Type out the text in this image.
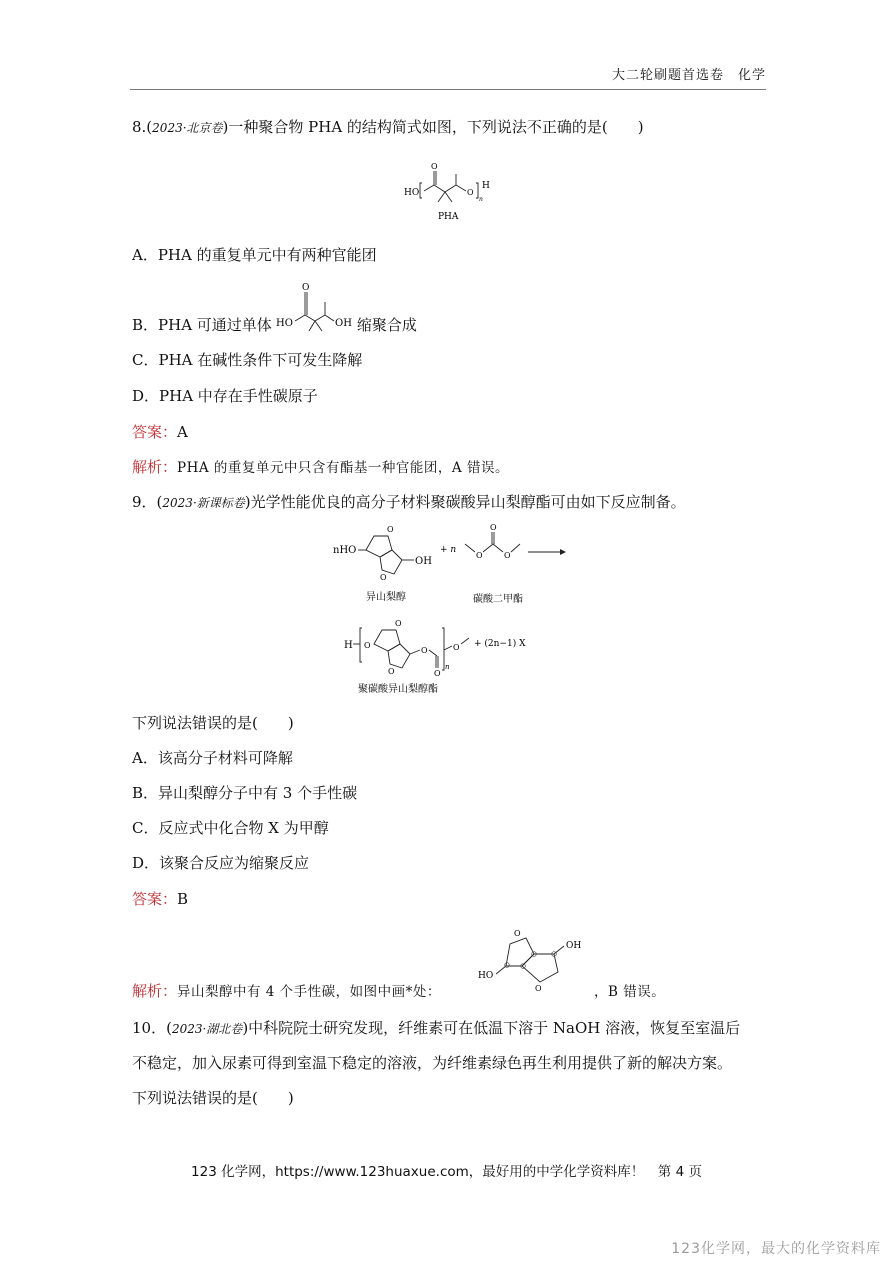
大二轮刷题首选卷　化学
8.(2023·北京卷)一种聚合物 PHA 的结构简式如图，下列说法不正确的是(　　)
HO
O
O
n
H
PHA
A．PHA 的重复单元中有两种官能团
B．PHA 可通过单体	缩聚合成
HO
O
OH
C．PHA 在碱性条件下可发生降解
D．PHA 中存在手性碳原子
答案：A
解析：PHA 的重复单元中只含有酯基一种官能团，A 错误。
9．(2023·新课标卷)光学性能优良的高分子材料聚碳酸异山梨醇酯可由如下反应制备。
nHO
O
O
OH
异山梨醇
+ n
O
O
O
碳酸二甲酯
H O
O
O
O
O
n
O + (2n−1) X
聚碳酸异山梨醇酯
下列说法错误的是(　　)
A．该高分子材料可降解
B．异山梨醇分子中有 3 个手性碳
C．反应式中化合物 X 为甲醇
D．该聚合反应为缩聚反应
答案：B
HO
O
O
OH
解析：异山梨醇中有 4 个手性碳，如图中画*处：	，B 错误。
10．(2023·湖北卷)中科院院士研究发现，纤维素可在低温下溶于 NaOH 溶液，恢复至室温后
不稳定，加入尿素可得到室温下稳定的溶液，为纤维素绿色再生利用提供了新的解决方案。
下列说法错误的是(　　)
123 化学网，https://www.123huaxue.com，最好用的中学化学资料库！　第 4 页
123化学网，最大的化学资料库
